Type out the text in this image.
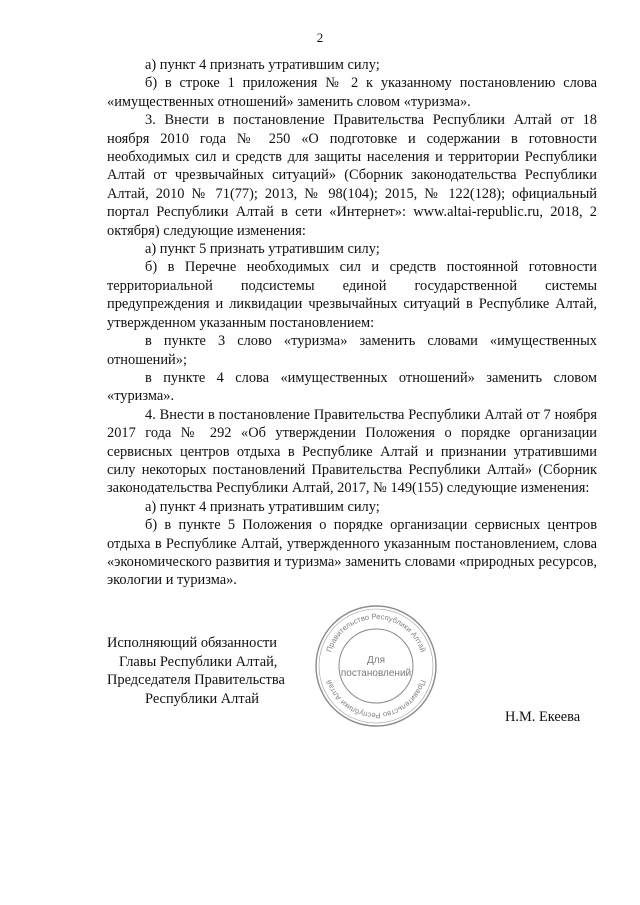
2

а) пункт 4 признать утратившим силу;

б) в строке 1 приложения № 2 к указанному постановлению слова «имущественных отношений» заменить словом «туризма».

3. Внести в постановление Правительства Республики Алтай от 18 ноября 2010 года № 250 «О подготовке и содержании в готовности необходимых сил и средств для защиты населения и территории Республики Алтай от чрезвычайных ситуаций» (Сборник законодательства Республики Алтай, 2010 № 71(77); 2013, № 98(104); 2015, № 122(128); официальный портал Республики Алтай в сети «Интернет»: www.altai-republic.ru, 2018, 2 октября) следующие изменения:

а) пункт 5 признать утратившим силу;

б) в Перечне необходимых сил и средств постоянной готовности территориальной подсистемы единой государственной системы предупреждения и ликвидации чрезвычайных ситуаций в Республике Алтай, утвержденном указанным постановлением:

в пункте 3 слово «туризма» заменить словами «имущественных отношений»;

в пункте 4 слова «имущественных отношений» заменить словом «туризма».

4. Внести в постановление Правительства Республики Алтай от 7 ноября 2017 года № 292 «Об утверждении Положения о порядке организации сервисных центров отдыха в Республике Алтай и признании утратившими силу некоторых постановлений Правительства Республики Алтай» (Сборник законодательства Республики Алтай, 2017, № 149(155) следующие изменения:

а) пункт 4 признать утратившим силу;

б) в пункте 5 Положения о порядке организации сервисных центров отдыха в Республике Алтай, утвержденного указанным постановлением, слова «экономического развития и туризма» заменить словами «природных ресурсов, экологии и туризма».

Исполняющий обязанности
Главы Республики Алтай,
Председателя Правительства
Республики Алтай
Н.М. Екеева
Правительство Республики Алтай
Правительство Республики Алтай
Для
постановлений
